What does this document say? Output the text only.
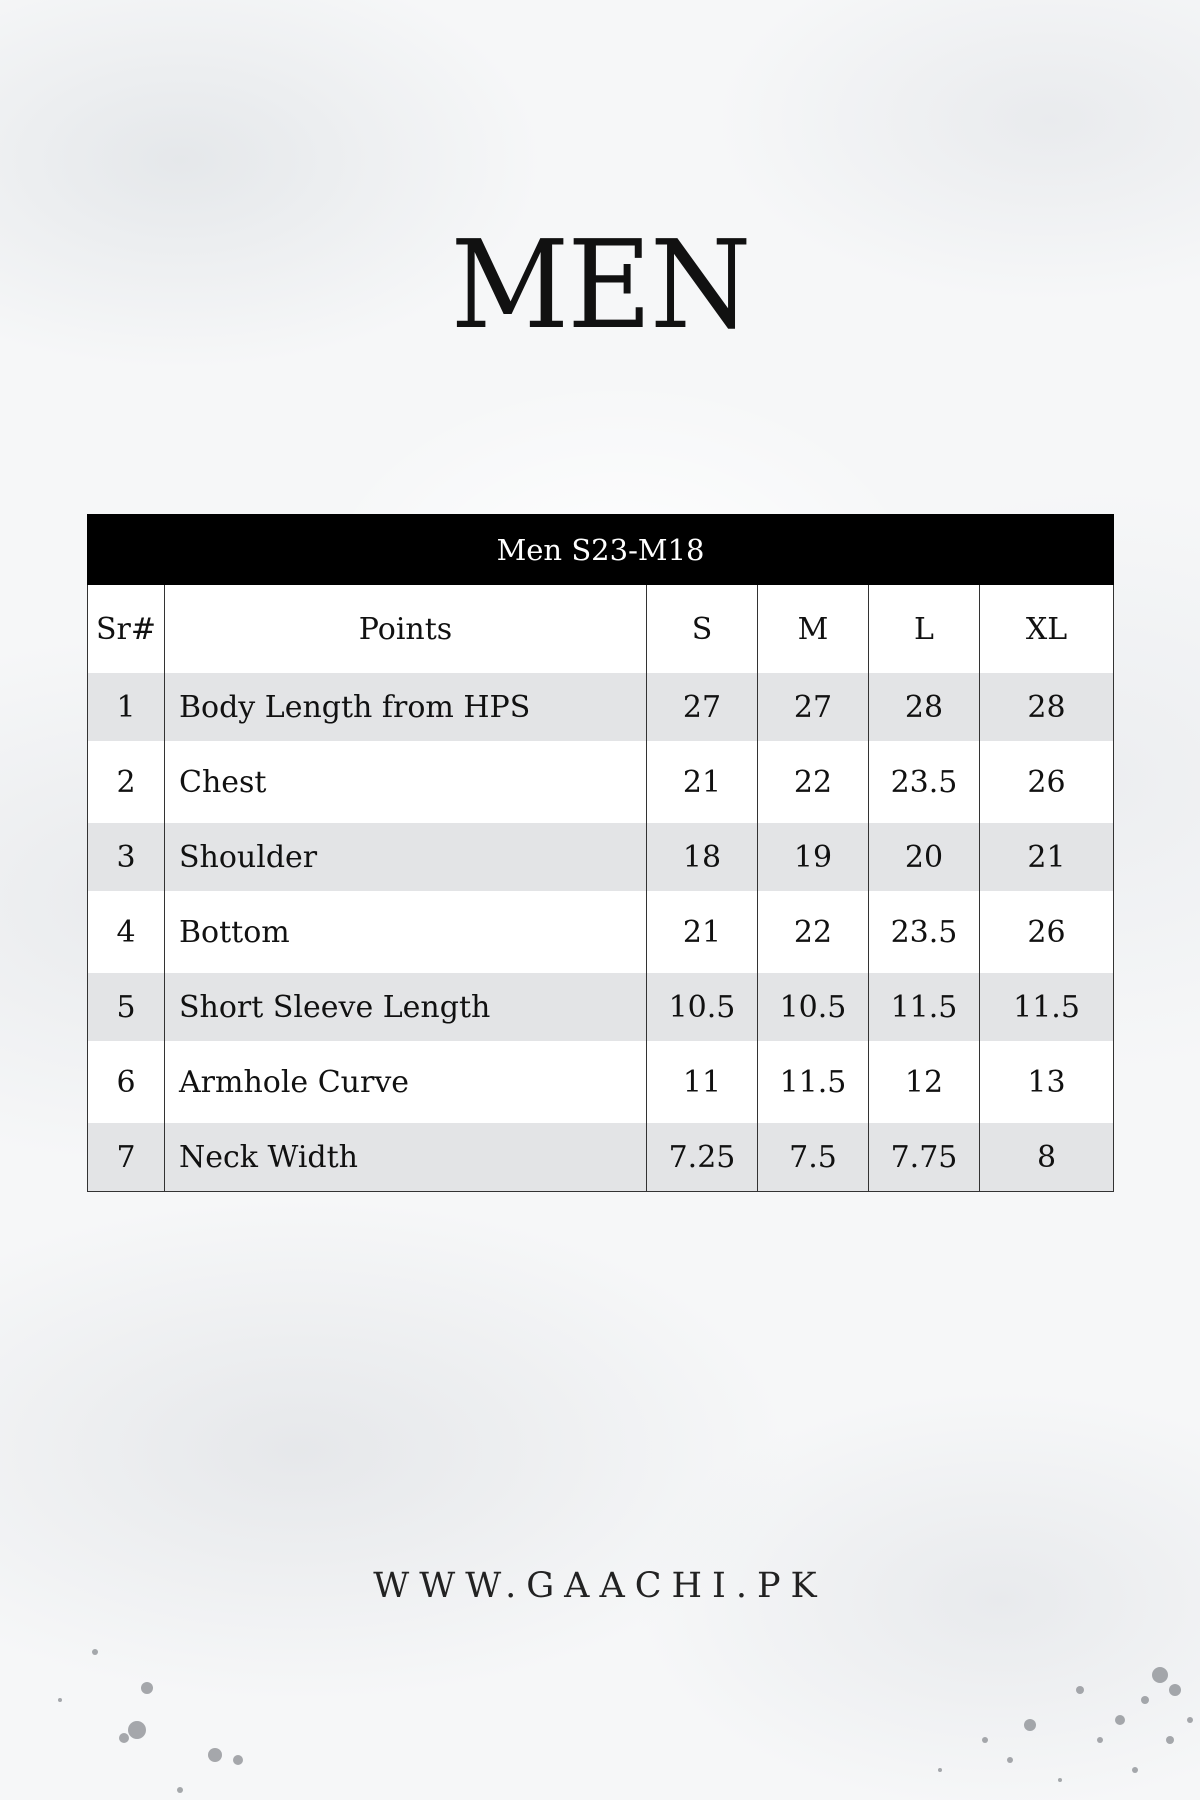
MEN
Men S23-M18					
Sr#	Points	S	M	L	XL
1	Body Length from HPS	27	27	28	28
2	Chest	21	22	23.5	26
3	Shoulder	18	19	20	21
4	Bottom	21	22	23.5	26
5	Short Sleeve Length	10.5	10.5	11.5	11.5
6	Armhole Curve	11	11.5	12	13
7	Neck Width	7.25	7.5	7.75	8
WWW.GAACHI.PK
